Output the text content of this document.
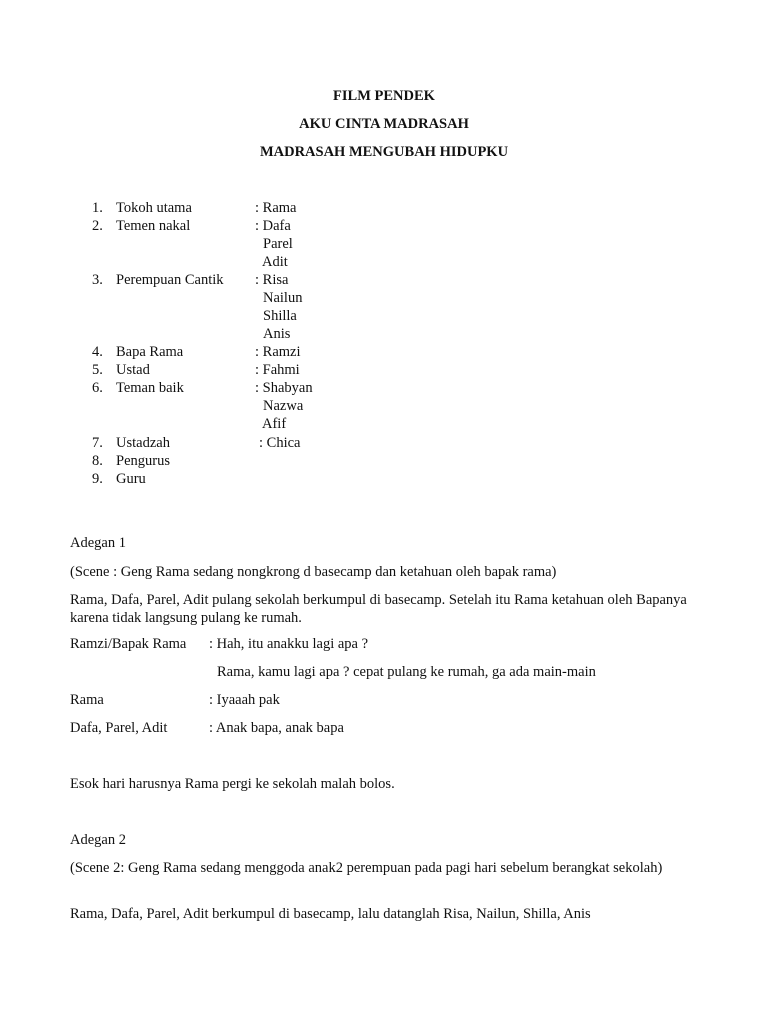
FILM PENDEK
AKU CINTA MADRASAH
MADRASAH MENGUBAH HIDUPKU
1. Tokoh utama	: Rama
2. Temen nakal	: Dafa
Parel
Adit
3. Perempuan Cantik : Risa
Nailun
Shilla
Anis
4. Bapa Rama	: Ramzi
5. Ustad	: Fahmi
6. Teman baik	: Shabyan
Nazwa
Afif
7. Ustadzah	: Chica
8. Pengurus
9. Guru
Adegan 1
(Scene : Geng Rama sedang nongkrong d basecamp dan ketahuan oleh bapak rama)
Rama, Dafa, Parel, Adit pulang sekolah berkumpul di basecamp. Setelah itu Rama ketahuan oleh Bapanya karena tidak langsung pulang ke rumah.
Ramzi/Bapak Rama : Hah, itu anakku lagi apa ?
Rama, kamu lagi apa ? cepat pulang ke rumah, ga ada main-main
Rama	: Iyaaah pak
Dafa, Parel, Adit	: Anak bapa, anak bapa
Esok hari harusnya Rama pergi ke sekolah malah bolos.
Adegan 2
(Scene 2: Geng Rama sedang menggoda anak2 perempuan pada pagi hari sebelum berangkat sekolah)
Rama, Dafa, Parel, Adit berkumpul di basecamp, lalu datanglah Risa, Nailun, Shilla, Anis
